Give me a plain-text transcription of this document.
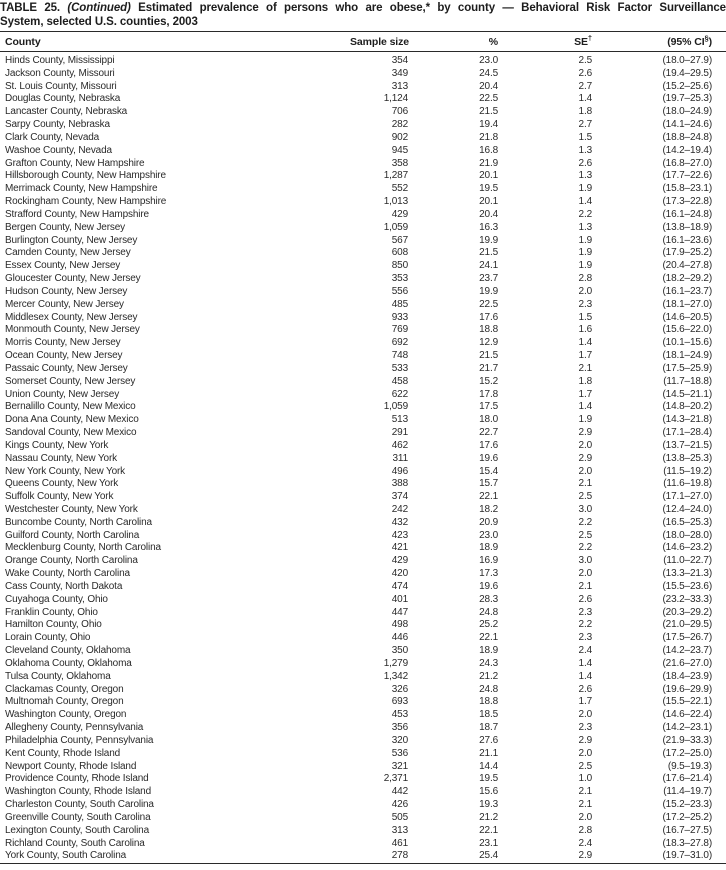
TABLE 25. (Continued) Estimated prevalence of persons who are obese,* by county — Behavioral Risk Factor Surveillance
System, selected U.S. counties, 2003
County	Sample size	%	SE†	(95% CI§)
Hinds County, Mississippi	354	23.0	2.5	(18.0–27.9)
Jackson County, Missouri	349	24.5	2.6	(19.4–29.5)
St. Louis County, Missouri	313	20.4	2.7	(15.2–25.6)
Douglas County, Nebraska	1,124	22.5	1.4	(19.7–25.3)
Lancaster County, Nebraska	706	21.5	1.8	(18.0–24.9)
Sarpy County, Nebraska	282	19.4	2.7	(14.1–24.6)
Clark County, Nevada	902	21.8	1.5	(18.8–24.8)
Washoe County, Nevada	945	16.8	1.3	(14.2–19.4)
Grafton County, New Hampshire	358	21.9	2.6	(16.8–27.0)
Hillsborough County, New Hampshire	1,287	20.1	1.3	(17.7–22.6)
Merrimack County, New Hampshire	552	19.5	1.9	(15.8–23.1)
Rockingham County, New Hampshire	1,013	20.1	1.4	(17.3–22.8)
Strafford County, New Hampshire	429	20.4	2.2	(16.1–24.8)
Bergen County, New Jersey	1,059	16.3	1.3	(13.8–18.9)
Burlington County, New Jersey	567	19.9	1.9	(16.1–23.6)
Camden County, New Jersey	608	21.5	1.9	(17.9–25.2)
Essex County, New Jersey	850	24.1	1.9	(20.4–27.8)
Gloucester County, New Jersey	353	23.7	2.8	(18.2–29.2)
Hudson County, New Jersey	556	19.9	2.0	(16.1–23.7)
Mercer County, New Jersey	485	22.5	2.3	(18.1–27.0)
Middlesex County, New Jersey	933	17.6	1.5	(14.6–20.5)
Monmouth County, New Jersey	769	18.8	1.6	(15.6–22.0)
Morris County, New Jersey	692	12.9	1.4	(10.1–15.6)
Ocean County, New Jersey	748	21.5	1.7	(18.1–24.9)
Passaic County, New Jersey	533	21.7	2.1	(17.5–25.9)
Somerset County, New Jersey	458	15.2	1.8	(11.7–18.8)
Union County, New Jersey	622	17.8	1.7	(14.5–21.1)
Bernalillo County, New Mexico	1,059	17.5	1.4	(14.8–20.2)
Dona Ana County, New Mexico	513	18.0	1.9	(14.3–21.8)
Sandoval County, New Mexico	291	22.7	2.9	(17.1–28.4)
Kings County, New York	462	17.6	2.0	(13.7–21.5)
Nassau County, New York	311	19.6	2.9	(13.8–25.3)
New York County, New York	496	15.4	2.0	(11.5–19.2)
Queens County, New York	388	15.7	2.1	(11.6–19.8)
Suffolk County, New York	374	22.1	2.5	(17.1–27.0)
Westchester County, New York	242	18.2	3.0	(12.4–24.0)
Buncombe County, North Carolina	432	20.9	2.2	(16.5–25.3)
Guilford County, North Carolina	423	23.0	2.5	(18.0–28.0)
Mecklenburg County, North Carolina	421	18.9	2.2	(14.6–23.2)
Orange County, North Carolina	429	16.9	3.0	(11.0–22.7)
Wake County, North Carolina	420	17.3	2.0	(13.3–21.3)
Cass County, North Dakota	474	19.6	2.1	(15.5–23.6)
Cuyahoga County, Ohio	401	28.3	2.6	(23.2–33.3)
Franklin County, Ohio	447	24.8	2.3	(20.3–29.2)
Hamilton County, Ohio	498	25.2	2.2	(21.0–29.5)
Lorain County, Ohio	446	22.1	2.3	(17.5–26.7)
Cleveland County, Oklahoma	350	18.9	2.4	(14.2–23.7)
Oklahoma County, Oklahoma	1,279	24.3	1.4	(21.6–27.0)
Tulsa County, Oklahoma	1,342	21.2	1.4	(18.4–23.9)
Clackamas County, Oregon	326	24.8	2.6	(19.6–29.9)
Multnomah County, Oregon	693	18.8	1.7	(15.5–22.1)
Washington County, Oregon	453	18.5	2.0	(14.6–22.4)
Allegheny County, Pennsylvania	356	18.7	2.3	(14.2–23.1)
Philadelphia County, Pennsylvania	320	27.6	2.9	(21.9–33.3)
Kent County, Rhode Island	536	21.1	2.0	(17.2–25.0)
Newport County, Rhode Island	321	14.4	2.5	(9.5–19.3)
Providence County, Rhode Island	2,371	19.5	1.0	(17.6–21.4)
Washington County, Rhode Island	442	15.6	2.1	(11.4–19.7)
Charleston County, South Carolina	426	19.3	2.1	(15.2–23.3)
Greenville County, South Carolina	505	21.2	2.0	(17.2–25.2)
Lexington County, South Carolina	313	22.1	2.8	(16.7–27.5)
Richland County, South Carolina	461	23.1	2.4	(18.3–27.8)
York County, South Carolina	278	25.4	2.9	(19.7–31.0)
